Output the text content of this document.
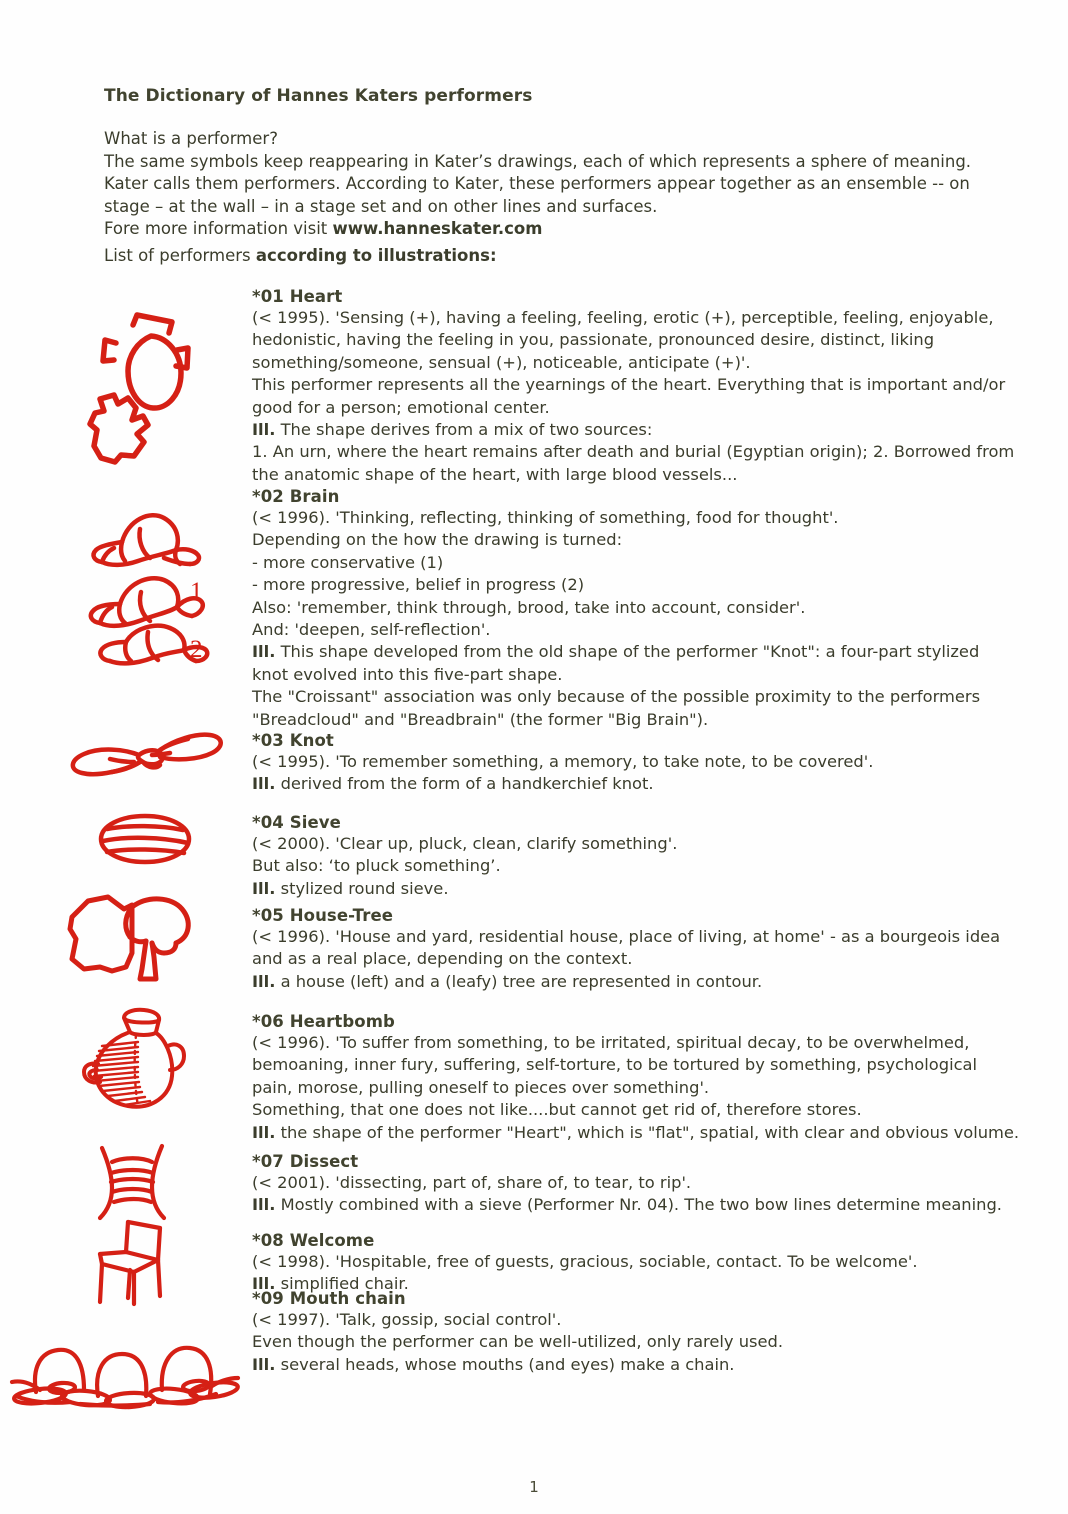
The Dictionary of Hannes Katers performers
What is a performer?
The same symbols keep reappearing in Kater’s drawings, each of which represents a sphere of meaning.
Kater calls them performers. According to Kater, these performers appear together as an ensemble -- on
stage – at the wall – in a stage set and on other lines and surfaces.
Fore more information visit www.hanneskater.com
List of performers according to illustrations:
*01 Heart
(< 1995). 'Sensing (+), having a feeling, feeling, erotic (+), perceptible, feeling, enjoyable,
hedonistic, having the feeling in you, passionate, pronounced desire, distinct, liking
something/someone, sensual (+), noticeable, anticipate (+)'.
This performer represents all the yearnings of the heart. Everything that is important and/or
good for a person; emotional center.
Ill. The shape derives from a mix of two sources:
1. An urn, where the heart remains after death and burial (Egyptian origin); 2. Borrowed from
the anatomic shape of the heart, with large blood vessels...
1
2
*02 Brain
(< 1996). 'Thinking, reflecting, thinking of something, food for thought'.
Depending on the how the drawing is turned:
- more conservative (1)
- more progressive, belief in progress (2)
Also: 'remember, think through, brood, take into account, consider'.
And: 'deepen, self-reflection'.
Ill. This shape developed from the old shape of the performer "Knot": a four-part stylized
knot evolved into this five-part shape.
The "Croissant" association was only because of the possible proximity to the performers
"Breadcloud" and "Breadbrain" (the former "Big Brain").
*03 Knot
(< 1995). 'To remember something, a memory, to take note, to be covered'.
Ill. derived from the form of a handkerchief knot.
*04 Sieve
(< 2000). 'Clear up, pluck, clean, clarify something'.
But also: ‘to pluck something’.
Ill. stylized round sieve.
*05 House-Tree
(< 1996). 'House and yard, residential house, place of living, at home' - as a bourgeois idea
and as a real place, depending on the context.
Ill. a house (left) and a (leafy) tree are represented in contour.
*06 Heartbomb
(< 1996). 'To suffer from something, to be irritated, spiritual decay, to be overwhelmed,
bemoaning, inner fury, suffering, self-torture, to be tortured by something, psychological
pain, morose, pulling oneself to pieces over something'.
Something, that one does not like....but cannot get rid of, therefore stores.
Ill. the shape of the performer "Heart", which is "flat", spatial, with clear and obvious volume.
*07 Dissect
(< 2001). 'dissecting, part of, share of, to tear, to rip'.
Ill. Mostly combined with a sieve (Performer Nr. 04). The two bow lines determine meaning.
*08 Welcome
(< 1998). 'Hospitable, free of guests, gracious, sociable, contact. To be welcome'.
Ill. simplified chair.
*09 Mouth chain
(< 1997). 'Talk, gossip, social control'.
Even though the performer can be well-utilized, only rarely used.
Ill. several heads, whose mouths (and eyes) make a chain.
1
